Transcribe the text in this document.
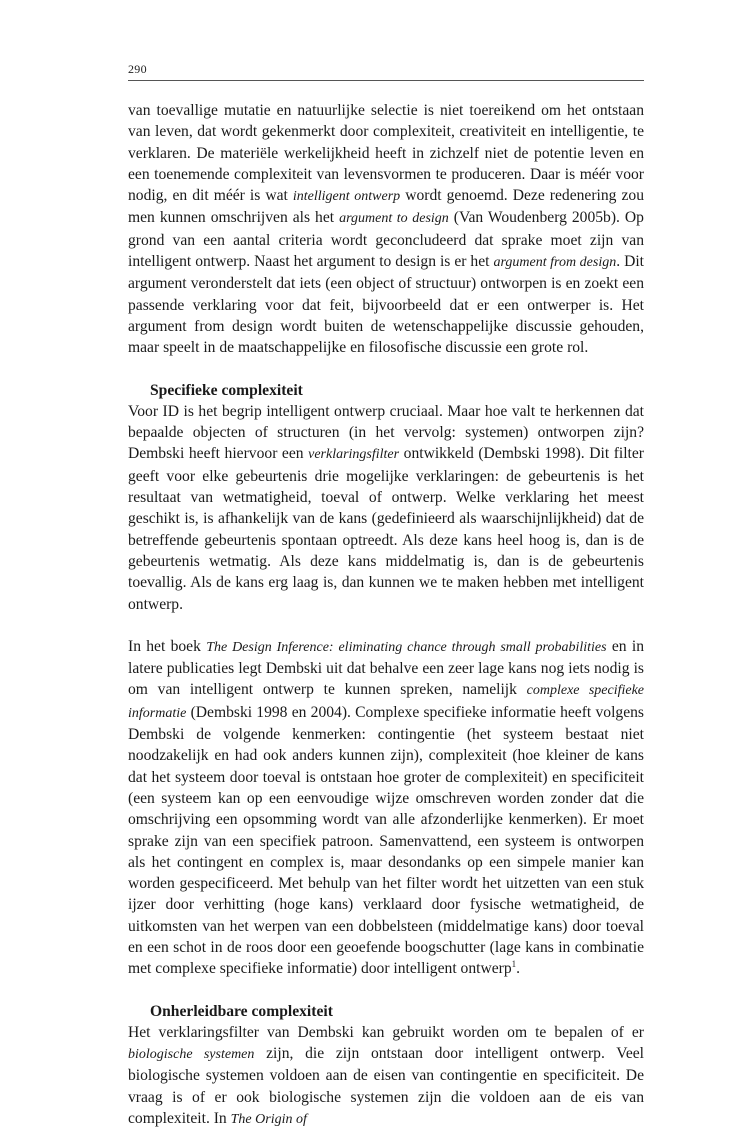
290

van toevallige mutatie en natuurlijke selectie is niet toereikend om het ontstaan van leven, dat wordt gekenmerkt door complexiteit, creativiteit en intelligentie, te verklaren. De materiële werkelijkheid heeft in zichzelf niet de potentie leven en een toenemende complexiteit van levensvormen te produceren. Daar is méér voor nodig, en dit méér is wat intelligent ontwerp wordt genoemd. Deze redenering zou men kunnen omschrijven als het argument to design (Van Woudenberg 2005b). Op grond van een aantal criteria wordt geconcludeerd dat sprake moet zijn van intelligent ontwerp. Naast het argument to design is er het argument from design. Dit argument veronderstelt dat iets (een object of structuur) ontworpen is en zoekt een passende verklaring voor dat feit, bijvoorbeeld dat er een ontwerper is. Het argument from design wordt buiten de wetenschappelijke discussie gehouden, maar speelt in de maatschappelijke en filosofische discussie een grote rol.

Specifieke complexiteit

Voor ID is het begrip intelligent ontwerp cruciaal. Maar hoe valt te herkennen dat bepaalde objecten of structuren (in het vervolg: systemen) ontworpen zijn? Dembski heeft hiervoor een verklaringsfilter ontwikkeld (Dembski 1998). Dit filter geeft voor elke gebeurtenis drie mogelijke verklaringen: de gebeurtenis is het resultaat van wetmatigheid, toeval of ontwerp. Welke verklaring het meest geschikt is, is afhankelijk van de kans (gedefinieerd als waarschijnlijkheid) dat de betreffende gebeurtenis spontaan optreedt. Als deze kans heel hoog is, dan is de gebeurtenis wetmatig. Als deze kans middelmatig is, dan is de gebeurtenis toevallig. Als de kans erg laag is, dan kunnen we te maken hebben met intelligent ontwerp.

In het boek The Design Inference: eliminating chance through small probabilities en in latere publicaties legt Dembski uit dat behalve een zeer lage kans nog iets nodig is om van intelligent ontwerp te kunnen spreken, namelijk complexe specifieke informatie (Dembski 1998 en 2004). Complexe specifieke informatie heeft volgens Dembski de volgende kenmerken: contingentie (het systeem bestaat niet noodzakelijk en had ook anders kunnen zijn), complexiteit (hoe kleiner de kans dat het systeem door toeval is ontstaan hoe groter de complexiteit) en specificiteit (een systeem kan op een eenvoudige wijze omschreven worden zonder dat die omschrijving een opsomming wordt van alle afzonderlijke kenmerken). Er moet sprake zijn van een specifiek patroon. Samenvattend, een systeem is ontworpen als het contingent en complex is, maar desondanks op een simpele manier kan worden gespecificeerd. Met behulp van het filter wordt het uitzetten van een stuk ijzer door verhitting (hoge kans) verklaard door fysische wetmatigheid, de uitkomsten van het werpen van een dobbelsteen (middelmatige kans) door toeval en een schot in de roos door een geoefende boogschutter (lage kans in combinatie met complexe specifieke informatie) door intelligent ontwerp$^1$.

Onherleidbare complexiteit

Het verklaringsfilter van Dembski kan gebruikt worden om te bepalen of er biologische systemen zijn, die zijn ontstaan door intelligent ontwerp. Veel biologische systemen voldoen aan de eisen van contingentie en specificiteit. De vraag is of er ook biologische systemen zijn die voldoen aan de eis van complexiteit. In The Origin of
